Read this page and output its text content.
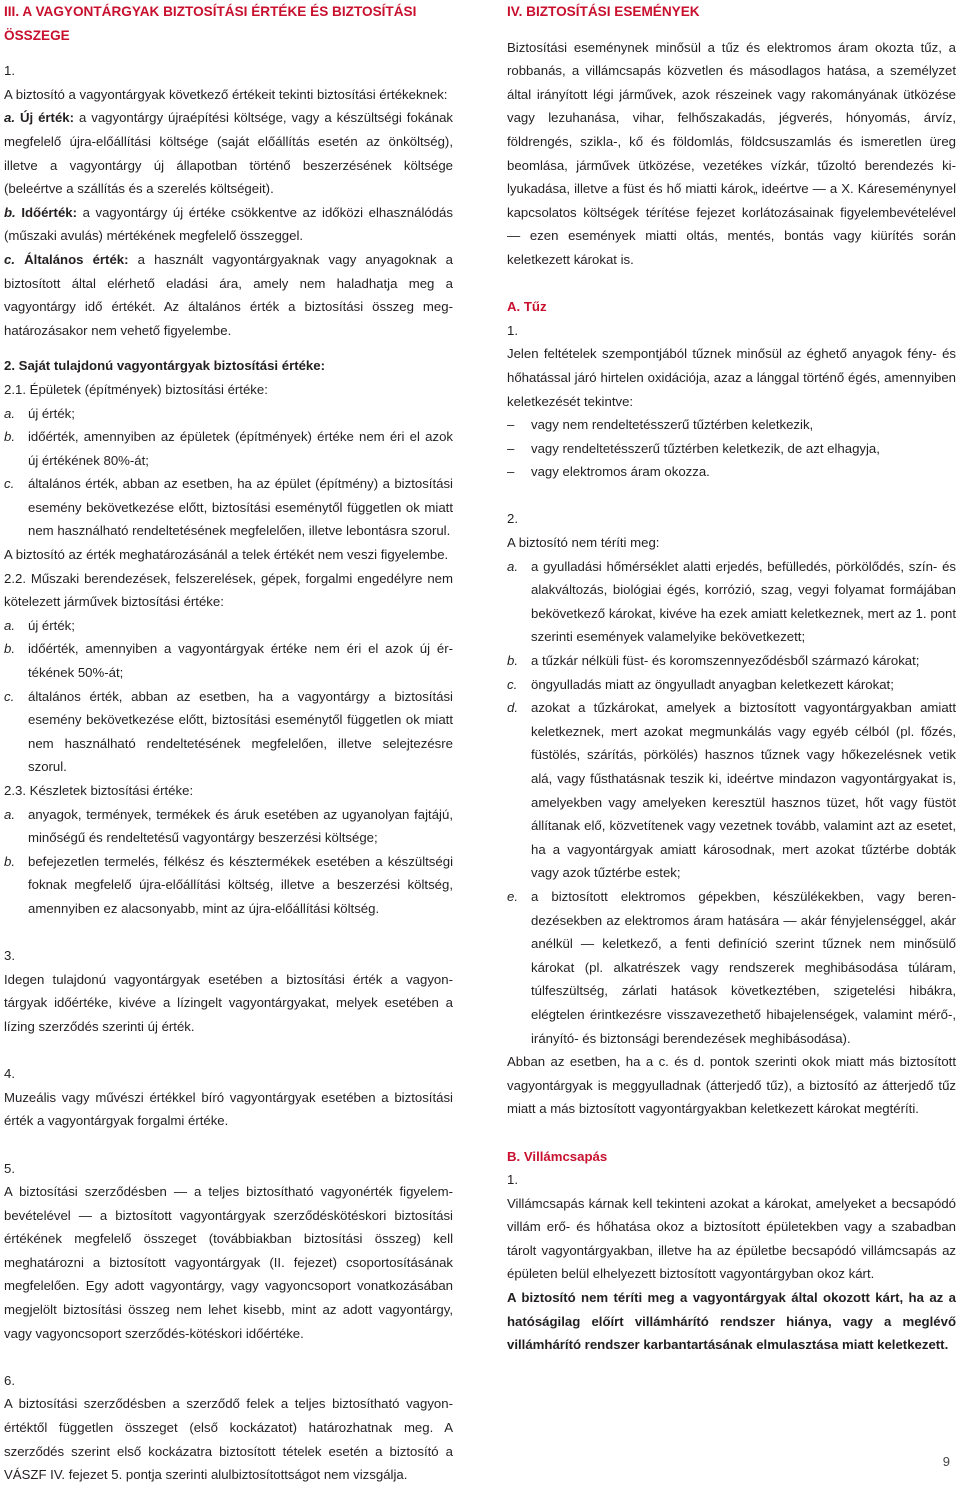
III. A VAGYONTÁRGYAK BIZTOSÍTÁSI ÉRTÉKE ÉS BIZTOSÍTÁSI ÖSSZEGE

1.

A biztosító a vagyontárgyak következő értékeit tekinti biztosítási értékeknek:

a. Új érték: a vagyontárgy újraépítési költsége, vagy a készültségi fokának megfelelő újra-előállítási költsége (saját előállítás esetén az önköltség), illetve a vagyontárgy új állapotban történő beszerzésének költsége (beleértve a szállítás és a szerelés költségeit).

b. Időérték: a vagyontárgy új értéke csökkentve az időközi elhasználódás (műszaki avulás) mértékének megfelelő összeggel.

c. Általános érték: a használt vagyontárgyaknak vagy anyagoknak a biztosított által elérhető eladási ára, amely nem haladhatja meg a vagyontárgy idő értékét. Az általános érték a biztosítási összeg meghatározásakor nem vehető figyelembe.

2. Saját tulajdonú vagyontárgyak biztosítási értéke:

2.1. Épületek (építmények) biztosítási értéke:

a. új érték;
b. időérték, amennyiben az épületek (építmények) értéke nem éri el azok új értékének 80%-át;
c. általános érték, abban az esetben, ha az épület (építmény) a biztosítási esemény bekövetkezése előtt, biztosítási eseménytől független ok miatt nem használható rendeltetésének megfelelően, illetve lebontásra szorul.

A biztosító az érték meghatározásánál a telek értékét nem veszi figyelembe.

2.2. Műszaki berendezések, felszerelések, gépek, forgalmi engedélyre nem kötelezett járművek biztosítási értéke:

a. új érték;
b. időérték, amennyiben a vagyontárgyak értéke nem éri el azok új értékének 50%-át;
c. általános érték, abban az esetben, ha a vagyontárgy a biztosítási esemény bekövetkezése előtt, biztosítási eseménytől független ok miatt nem használható rendeltetésének megfelelően, illetve selejtezésre szorul.

2.3. Készletek biztosítási értéke:

a. anyagok, termények, termékek és áruk esetében az ugyanolyan fajtájú, minőségű és rendeltetésű vagyontárgy beszerzési költsége;
b. befejezetlen termelés, félkész és késztermékek esetében a készültségi foknak megfelelő újra-előállítási költség, illetve a beszerzési költség, amennyiben ez alacsonyabb, mint az újra-előállítási költség.

3.

Idegen tulajdonú vagyontárgyak esetében a biztosítási érték a vagyontárgyak időértéke, kivéve a lízingelt vagyontárgyakat, melyek esetében a lízing szerződés szerinti új érték.

4.

Muzeális vagy művészi értékkel bíró vagyontárgyak esetében a biztosítási érték a vagyontárgyak forgalmi értéke.

5.

A biztosítási szerződésben — a teljes biztosítható vagyonérték figyelembevételével — a biztosított vagyontárgyak szerződéskötéskori biztosítási értékének megfelelő összeget (továbbiakban biztosítási összeg) kell meghatározni a biztosított vagyontárgyak (II. fejezet) csoportosításának megfelelően. Egy adott vagyontárgy, vagy vagyoncsoport vonatkozásában megjelölt biztosítási összeg nem lehet kisebb, mint az adott vagyontárgy, vagy vagyoncsoport szerződés-kötéskori időértéke.

6.

A biztosítási szerződésben a szerződő felek a teljes biztosítható vagyonértéktől független összeget (első kockázatot) határozhatnak meg. A szerződés szerint első kockázatra biztosított tételek esetén a biztosító a VÁSZF IV. fejezet 5. pontja szerinti alulbiztosítottságot nem vizsgálja.

IV. BIZTOSÍTÁSI ESEMÉNYEK

Biztosítási eseménynek minősül a tűz és elektromos áram okozta tűz, a robbanás, a villámcsapás közvetlen és másodlagos hatása, a személyzet által irányított légi járművek, azok részeinek vagy rakományának ütközése vagy lezuhanása, vihar, felhőszakadás, jégverés, hónyomás, árvíz, földrengés, szikla-, kő és földomlás, földcsuszamlás és ismeretlen üreg beomlása, járművek ütközése, vezetékes vízkár, tűzoltó berendezés kilyukadása, illetve a füst és hő miatti károk„ ideértve — a X. Káreseménynyel kapcsolatos költségek térítése fejezet korlátozásainak figyelembevételével — ezen események miatti oltás, mentés, bontás vagy kiürítés során keletkezett károkat is.

A. Tűz

1.

Jelen feltételek szempontjából tűznek minősül az éghető anyagok fény- és hőhatással járó hirtelen oxidációja, azaz a lánggal történő égés, amennyiben keletkezését tekintve:

– vagy nem rendeltetésszerű tűztérben keletkezik,
– vagy rendeltetésszerű tűztérben keletkezik, de azt elhagyja,
– vagy elektromos áram okozza.

2.

A biztosító nem téríti meg:

a. a gyulladási hőmérséklet alatti erjedés, befülledés, pörkölődés, szín- és alakváltozás, biológiai égés, korrózió, szag, vegyi folyamat formájában bekövetkező károkat, kivéve ha ezek amiatt keletkeznek, mert az 1. pont szerinti események valamelyike bekövetkezett;
b. a tűzkár nélküli füst- és koromszennyeződésből származó károkat;
c. öngyulladás miatt az öngyulladt anyagban keletkezett károkat;
d. azokat a tűzkárokat, amelyek a biztosított vagyontárgyakban amiatt keletkeznek, mert azokat megmunkálás vagy egyéb célból (pl. főzés, füstölés, szárítás, pörkölés) hasznos tűznek vagy hőkezelésnek vetik alá, vagy fűsthatásnak teszik ki, ideértve mindazon vagyontárgyakat is, amelyekben vagy amelyeken keresztül hasznos tüzet, hőt vagy füstöt állítanak elő, közvetítenek vagy vezetnek tovább, valamint azt az esetet, ha a vagyontárgyak amiatt károsodnak, mert azokat tűztérbe dobták vagy azok tűztérbe estek;
e. a biztosított elektromos gépekben, készülékekben, vagy berendezésekben az elektromos áram hatására — akár fényjelenséggel, akár anélkül — keletkező, a fenti definíció szerint tűznek nem minősülő károkat (pl. alkatrészek vagy rendszerek meghibásodása túláram, túlfeszültség, zárlati hatások következtében, szigetelési hibákra, elégtelen érintkezésre visszavezethető hibajelenségek, valamint mérő-, irányító- és biztonsági berendezések meghibásodása).

Abban az esetben, ha a c. és d. pontok szerinti okok miatt más biztosított vagyontárgyak is meggyulladnak (átterjedő tűz), a biztosító az átterjedő tűz miatt a más biztosított vagyontárgyakban keletkezett károkat megtéríti.

B. Villámcsapás

1.

Villámcsapás kárnak kell tekinteni azokat a károkat, amelyeket a becsapódó villám erő- és hőhatása okoz a biztosított épületekben vagy a szabadban tárolt vagyontárgyakban, illetve ha az épületbe becsapódó villámcsapás az épületen belül elhelyezett biztosított vagyontárgyban okoz kárt.

A biztosító nem téríti meg a vagyontárgyak által okozott kárt, ha az a hatóságilag előírt villámhárító rendszer hiánya, vagy a meglévő villámhárító rendszer karbantartásának elmulasztása miatt keletkezett.

9
